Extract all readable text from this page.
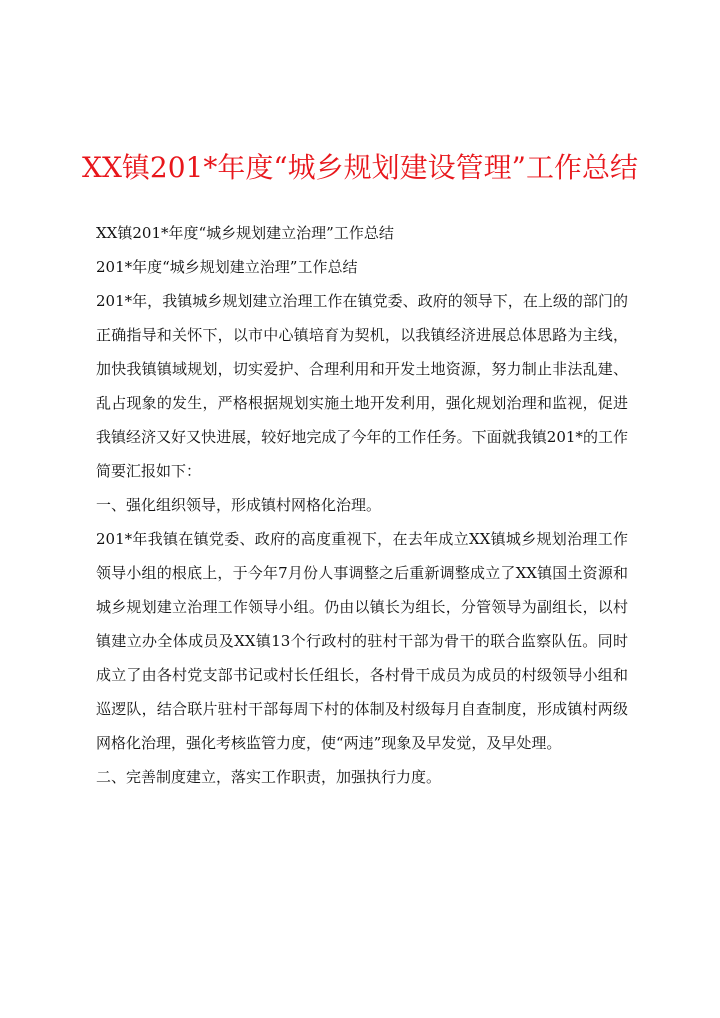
XX镇201*年度“城乡规划建设管理”工作总结

XX镇201*年度“城乡规划建立治理”工作总结

201*年度“城乡规划建立治理”工作总结

201*年，我镇城乡规划建立治理工作在镇党委、政府的领导下，在上级的部门的正确指导和关怀下，以市中心镇培育为契机，以我镇经济进展总体思路为主线，加快我镇镇域规划，切实爱护、合理利用和开发土地资源，努力制止非法乱建、乱占现象的发生，严格根据规划实施土地开发利用，强化规划治理和监视，促进我镇经济又好又快进展，较好地完成了今年的工作任务。下面就我镇201*的工作简要汇报如下：

一、强化组织领导，形成镇村网格化治理。

201*年我镇在镇党委、政府的高度重视下，在去年成立XX镇城乡规划治理工作领导小组的根底上，于今年7月份人事调整之后重新调整成立了XX镇国土资源和城乡规划建立治理工作领导小组。仍由以镇长为组长，分管领导为副组长，以村镇建立办全体成员及XX镇13个行政村的驻村干部为骨干的联合监察队伍。同时成立了由各村党支部书记或村长任组长，各村骨干成员为成员的村级领导小组和巡逻队，结合联片驻村干部每周下村的体制及村级每月自查制度，形成镇村两级网格化治理，强化考核监管力度，使“两违”现象及早发觉，及早处理。

二、完善制度建立，落实工作职责，加强执行力度。
